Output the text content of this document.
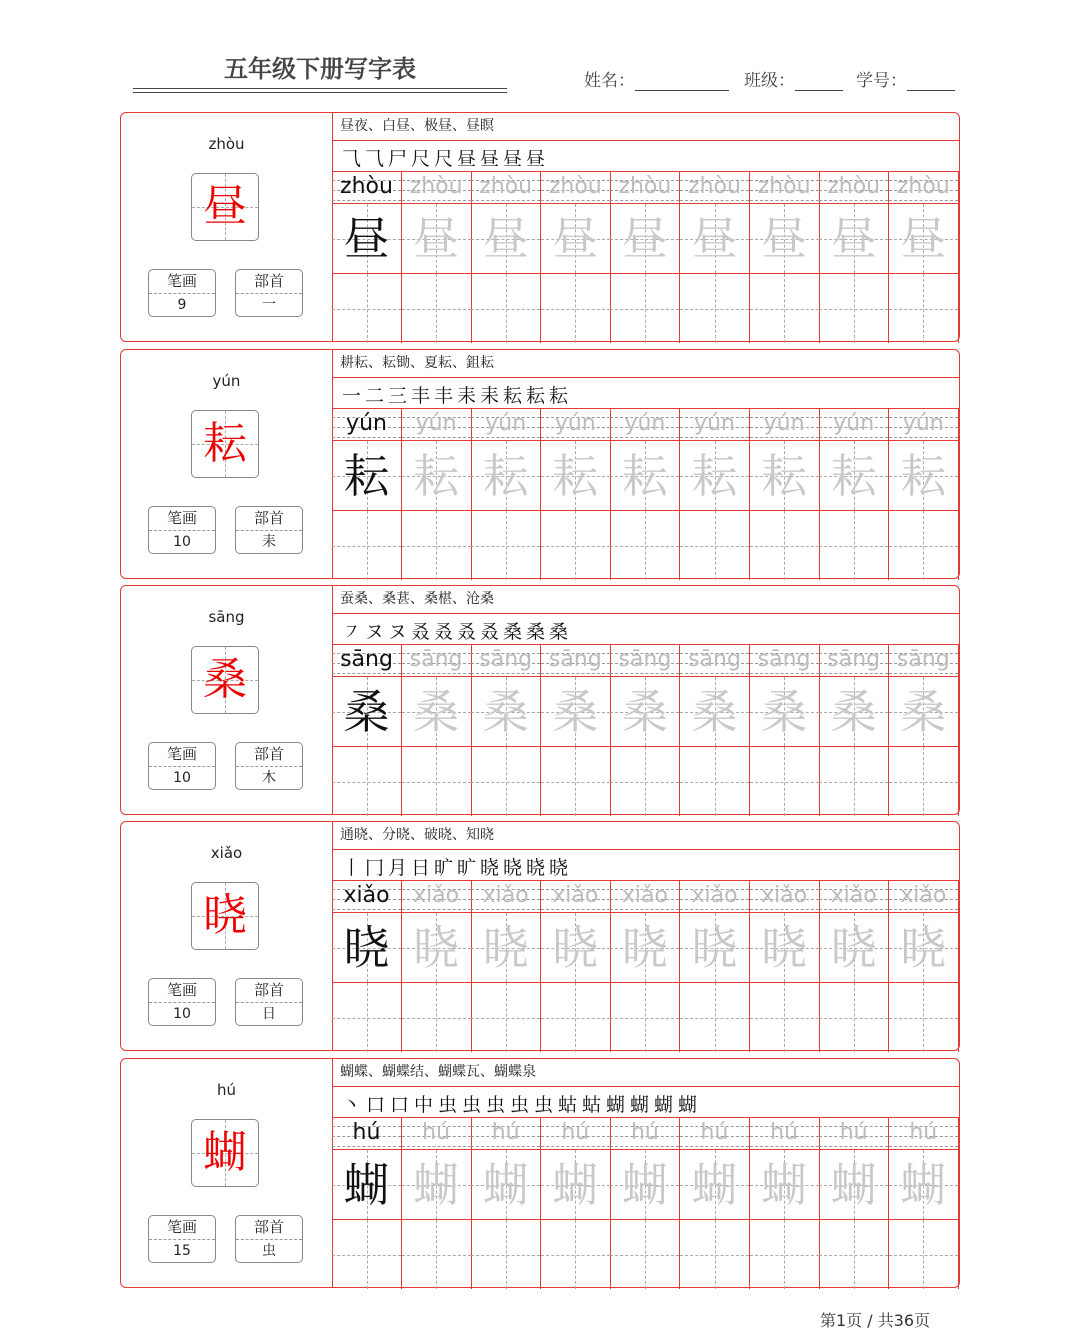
五年级下册写字表	姓名：	班级：	学号：
zhòu
昼
笔画
9
部首
一
昼夜、白昼、极昼、昼瞑
⺄ ⺄ 尸 尺 尺 昼 昼 昼 昼
zhòu
昼
zhòu
昼
zhòu
昼
zhòu
昼
zhòu
昼
zhòu
昼
zhòu
昼
zhòu
昼
zhòu
昼
yún
耘
笔画
10
部首
耒
耕耘、耘锄、夏耘、鉏耘
一 二 三 丰 丰 耒 耒 耘 耘 耘
yún
耘
yún
耘
yún
耘
yún
耘
yún
耘
yún
耘
yún
耘
yún
耘
yún
耘
sāng
桑
笔画
10
部首
木
蚕桑、桑葚、桑椹、沧桑
㇇ ヌ ヌ 叒 叒 叒 叒 桑 桑 桑
sāng
桑
sāng
桑
sāng
桑
sāng
桑
sāng
桑
sāng
桑
sāng
桑
sāng
桑
sāng
桑
xiǎo
晓
笔画
10
部首
日
通晓、分晓、破晓、知晓
丨 冂 月 日 旷 旷 晓 晓 晓 晓
xiǎo
晓
xiǎo
晓
xiǎo
晓
xiǎo
晓
xiǎo
晓
xiǎo
晓
xiǎo
晓
xiǎo
晓
xiǎo
晓
hú
蝴
笔画
15
部首
虫
蝴蝶、蝴蝶结、蝴蝶瓦、蝴蝶泉
丶 口 口 中 虫 虫 虫 虫 虫 蛄 蛄 蝴 蝴 蝴 蝴
hú
蝴
hú
蝴
hú
蝴
hú
蝴
hú
蝴
hú
蝴
hú
蝴
hú
蝴
hú
蝴
第1页 / 共36页
